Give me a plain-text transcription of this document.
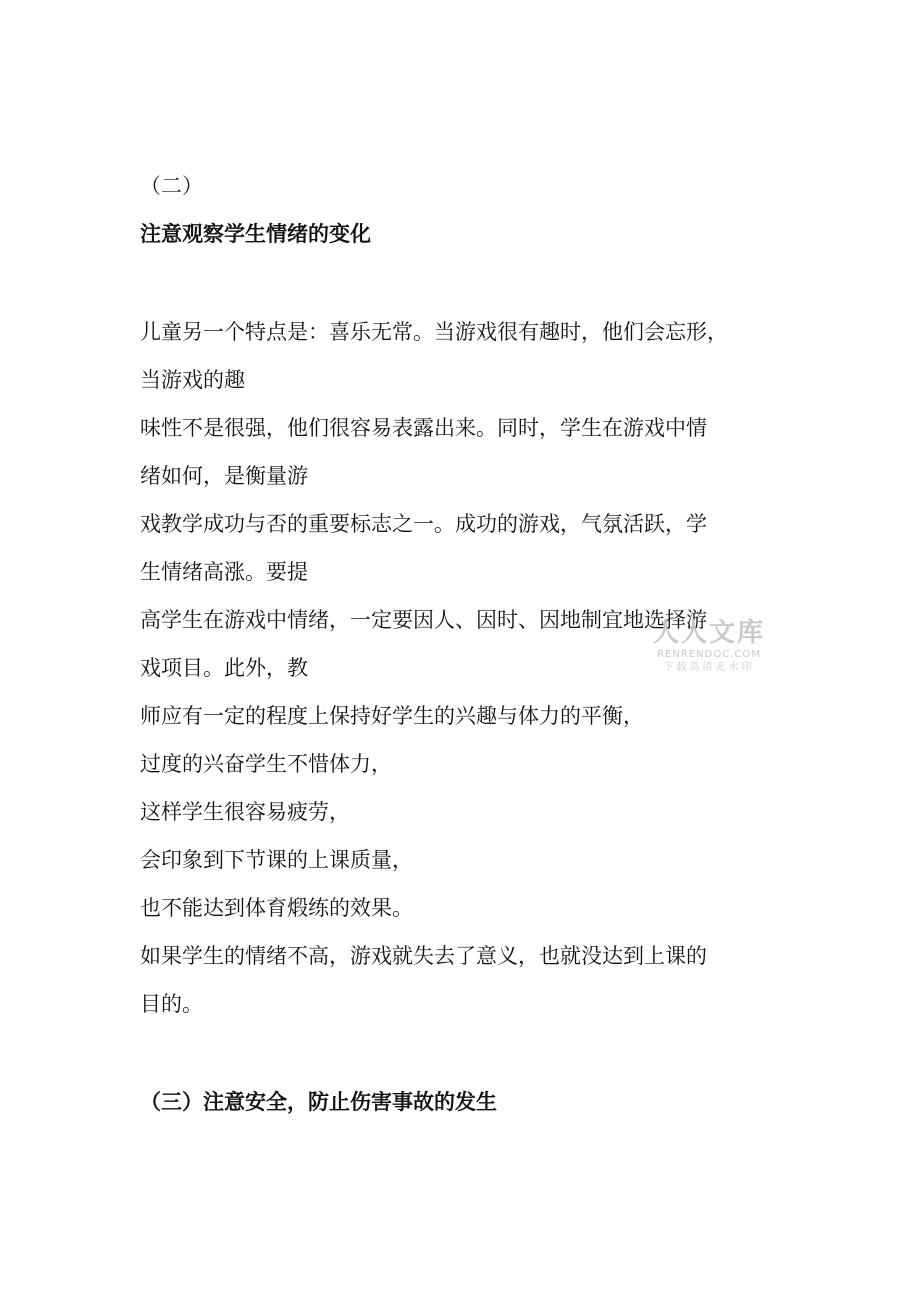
（二）
注意观察学生情绪的变化
儿童另一个特点是：喜乐无常。当游戏很有趣时，他们会忘形，
当游戏的趣
味性不是很强，他们很容易表露出来。同时，学生在游戏中情
绪如何，是衡量游
戏教学成功与否的重要标志之一。成功的游戏，气氛活跃，学
生情绪高涨。要提
高学生在游戏中情绪，一定要因人、因时、因地制宜地选择游
戏项目。此外，教
师应有一定的程度上保持好学生的兴趣与体力的平衡，
过度的兴奋学生不惜体力，
这样学生很容易疲劳，
会印象到下节课的上课质量，
也不能达到体育煅练的效果。
如果学生的情绪不高，游戏就失去了意义，也就没达到上课的
目的。
（三）注意安全，防止伤害事故的发生
人人文库
RENRENDOC.COM
下载高清无水印
